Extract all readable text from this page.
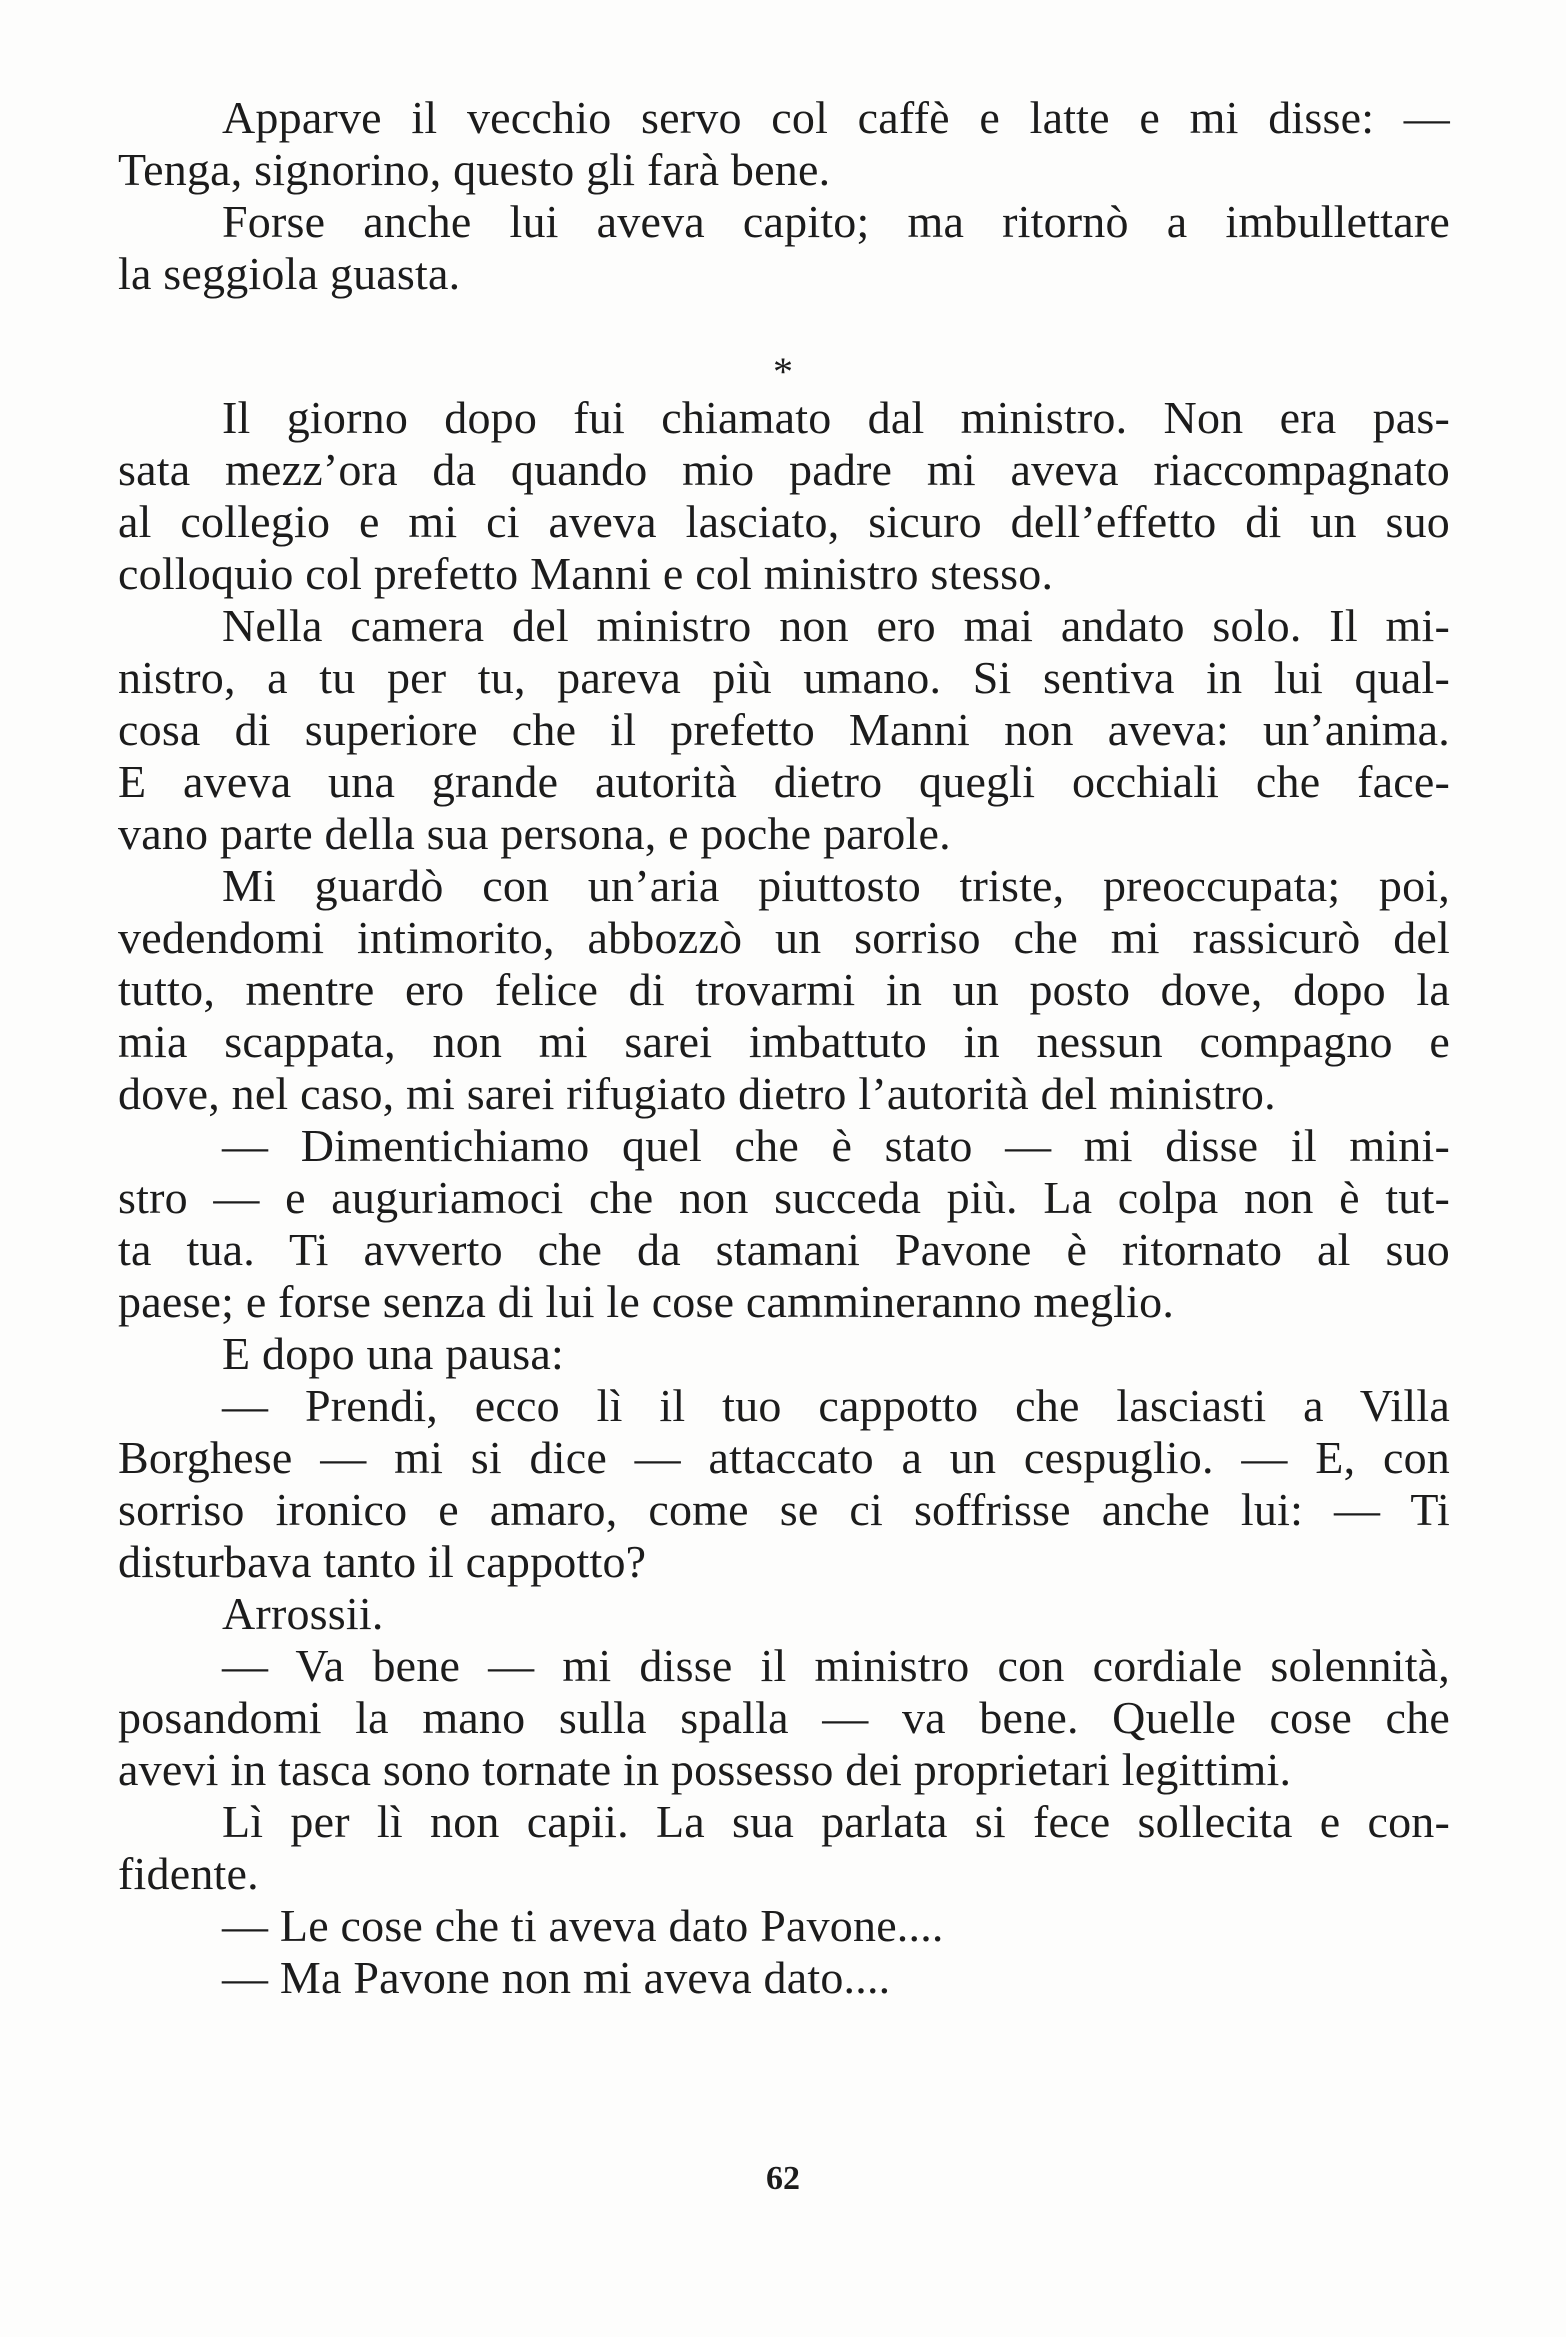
Apparve il vecchio servo col caffè e latte e mi disse: —
Tenga, signorino, questo gli farà bene.
Forse anche lui aveva capito; ma ritornò a imbullettare
la seggiola guasta.
Il giorno dopo fui chiamato dal ministro. Non era pas-
sata mezz’ora da quando mio padre mi aveva riaccompagnato
al collegio e mi ci aveva lasciato, sicuro dell’effetto di un suo
colloquio col prefetto Manni e col ministro stesso.
Nella camera del ministro non ero mai andato solo. Il mi-
nistro, a tu per tu, pareva più umano. Si sentiva in lui qual-
cosa di superiore che il prefetto Manni non aveva: un’anima.
E aveva una grande autorità dietro quegli occhiali che face-
vano parte della sua persona, e poche parole.
Mi guardò con un’aria piuttosto triste, preoccupata; poi,
vedendomi intimorito, abbozzò un sorriso che mi rassicurò del
tutto, mentre ero felice di trovarmi in un posto dove, dopo la
mia scappata, non mi sarei imbattuto in nessun compagno e
dove, nel caso, mi sarei rifugiato dietro l’autorità del ministro.
— Dimentichiamo quel che è stato — mi disse il mini-
stro — e auguriamoci che non succeda più. La colpa non è tut-
ta tua. Ti avverto che da stamani Pavone è ritornato al suo
paese; e forse senza di lui le cose cammineranno meglio.
E dopo una pausa:
— Prendi, ecco lì il tuo cappotto che lasciasti a Villa
Borghese — mi si dice — attaccato a un cespuglio. — E, con
sorriso ironico e amaro, come se ci soffrisse anche lui: — Ti
disturbava tanto il cappotto?
Arrossii.
— Va bene — mi disse il ministro con cordiale solennità,
posandomi la mano sulla spalla — va bene. Quelle cose che
avevi in tasca sono tornate in possesso dei proprietari legittimi.
Lì per lì non capii. La sua parlata si fece sollecita e con-
fidente.
— Le cose che ti aveva dato Pavone....
— Ma Pavone non mi aveva dato....
*
62
